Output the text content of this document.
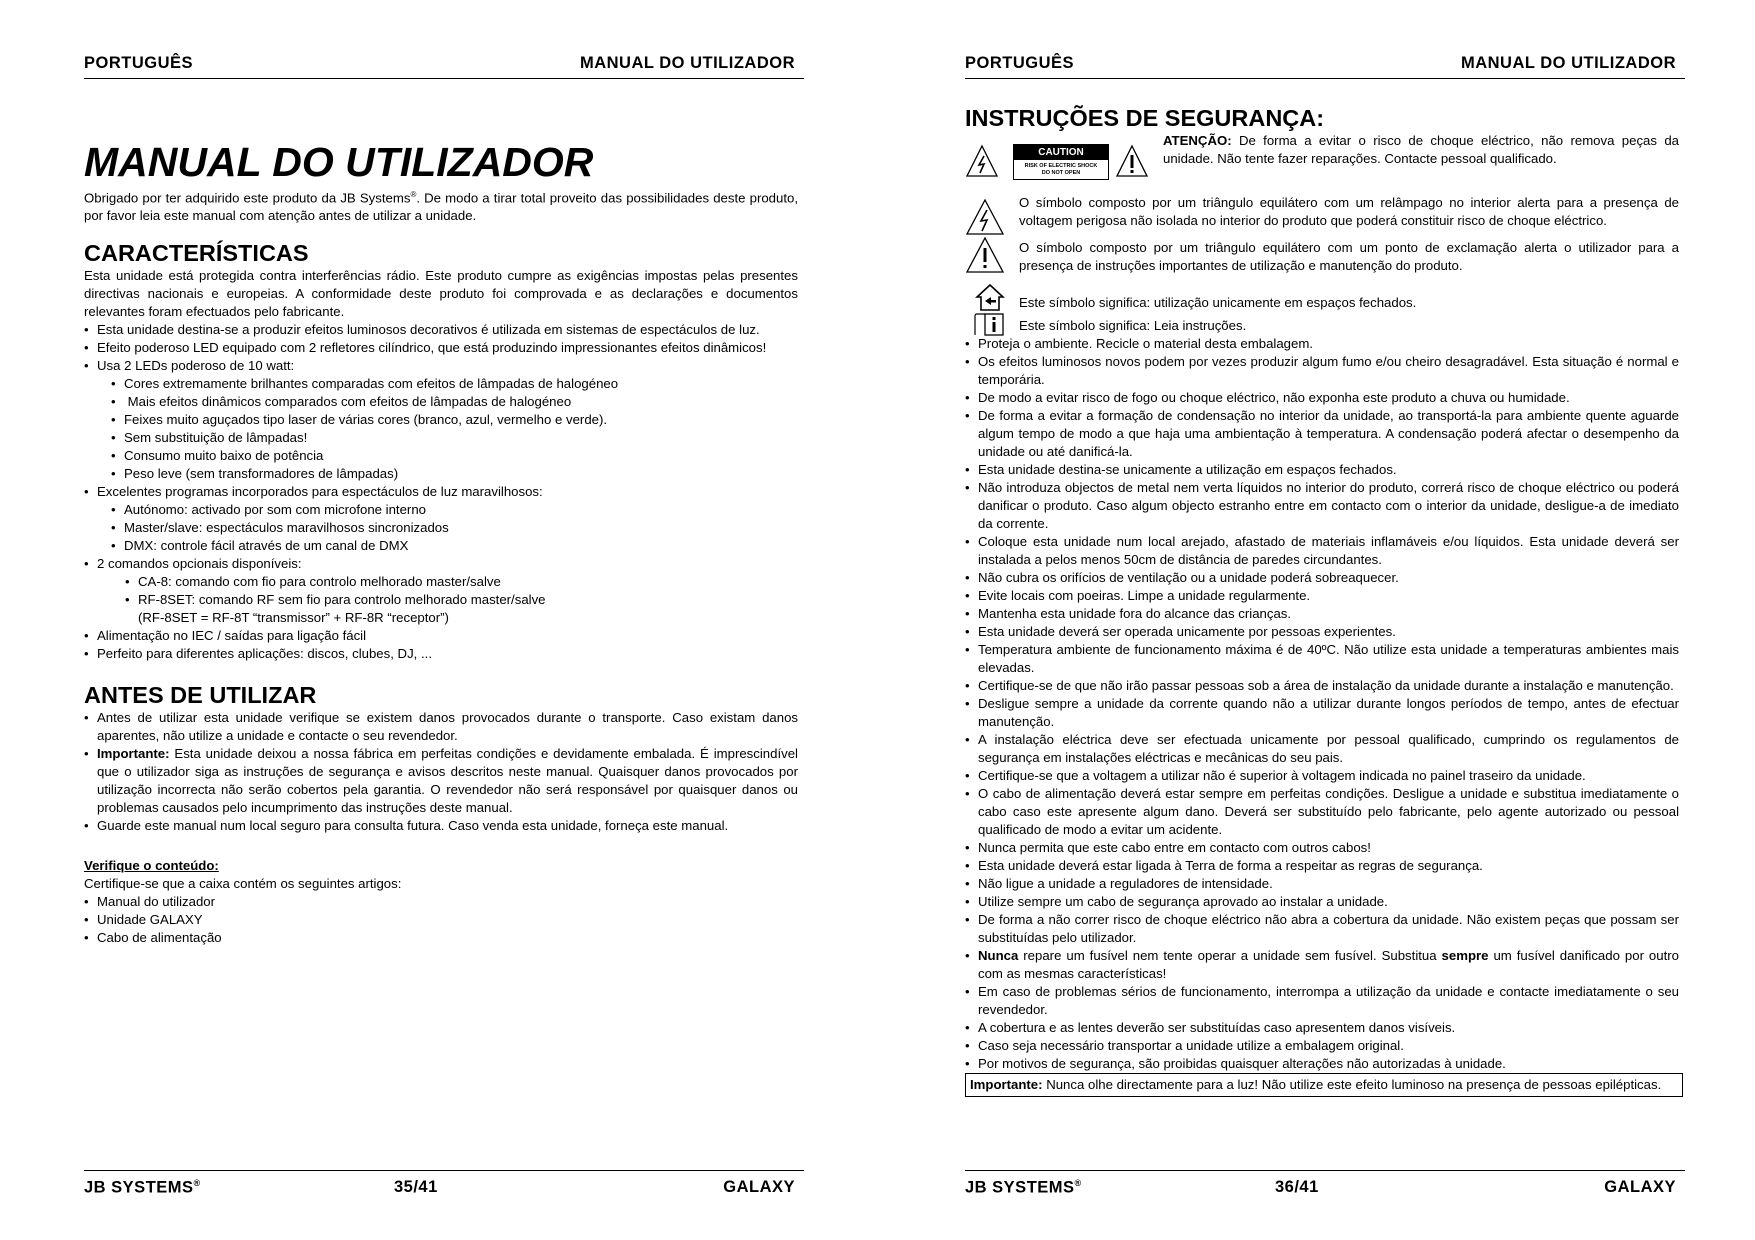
PORTUGUÊS	MANUAL DO UTILIZADOR
MANUAL DO UTILIZADOR

Obrigado por ter adquirido este produto da JB Systems®. De modo a tirar total proveito das possibilidades deste produto, por favor leia este manual com atenção antes de utilizar a unidade.

CARACTERÍSTICAS

Esta unidade está protegida contra interferências rádio. Este produto cumpre as exigências impostas pelas presentes directivas nacionais e europeias. A conformidade deste produto foi comprovada e as declarações e documentos relevantes foram efectuados pelo fabricante.

• Esta unidade destina-se a produzir efeitos luminosos decorativos é utilizada em sistemas de espectáculos de luz.
• Efeito poderoso LED equipado com 2 refletores cilíndrico, que está produzindo impressionantes efeitos dinâmicos!
• Usa 2 LEDs poderoso de 10 watt:
• Cores extremamente brilhantes comparadas com efeitos de lâmpadas de halogéneo
•  Mais efeitos dinâmicos comparados com efeitos de lâmpadas de halogéneo
• Feixes muito aguçados tipo laser de várias cores (branco, azul, vermelho e verde).
• Sem substituição de lâmpadas!
• Consumo muito baixo de potência
• Peso leve (sem transformadores de lâmpadas)
• Excelentes programas incorporados para espectáculos de luz maravilhosos:
• Autónomo: activado por som com microfone interno
• Master/slave: espectáculos maravilhosos sincronizados
• DMX: controle fácil através de um canal de DMX
• 2 comandos opcionais disponíveis:
• CA-8: comando com fio para controlo melhorado master/salve
• RF-8SET: comando RF sem fio para controlo melhorado master/salve
(RF-8SET = RF-8T “transmissor” + RF-8R “receptor”)
• Alimentação no IEC / saídas para ligação fácil
• Perfeito para diferentes aplicações: discos, clubes, DJ, ...
ANTES DE UTILIZAR
• Antes de utilizar esta unidade verifique se existem danos provocados durante o transporte. Caso existam danos aparentes, não utilize a unidade e contacte o seu revendedor.
• Importante: Esta unidade deixou a nossa fábrica em perfeitas condições e devidamente embalada. É imprescindível que o utilizador siga as instruções de segurança e avisos descritos neste manual. Quaisquer danos provocados por utilização incorrecta não serão cobertos pela garantia. O revendedor não será responsável por quaisquer danos ou problemas causados pelo incumprimento das instruções deste manual.
• Guarde este manual num local seguro para consulta futura. Caso venda esta unidade, forneça este manual.

Verifique o conteúdo:

Certifique-se que a caixa contém os seguintes artigos:

• Manual do utilizador
• Unidade GALAXY
• Cabo de alimentação
JB SYSTEMS®	35/41	GALAXY
PORTUGUÊS	MANUAL DO UTILIZADOR
INSTRUÇÕES DE SEGURANÇA:
CAUTION
RISK OF ELECTRIC SHOCK
DO NOT OPEN

ATENÇÃO: De forma a evitar o risco de choque eléctrico, não remova peças da unidade. Não tente fazer reparações. Contacte pessoal qualificado.

O símbolo composto por um triângulo equilátero com um relâmpago no interior alerta para a presença de voltagem perigosa não isolada no interior do produto que poderá constituir risco de choque eléctrico.

O símbolo composto por um triângulo equilátero com um ponto de exclamação alerta o utilizador para a presença de instruções importantes de utilização e manutenção do produto.

Este símbolo significa: utilização unicamente em espaços fechados.

Este símbolo significa: Leia instruções.

• Proteja o ambiente. Recicle o material desta embalagem.
• Os efeitos luminosos novos podem por vezes produzir algum fumo e/ou cheiro desagradável. Esta situação é normal e temporária.
• De modo a evitar risco de fogo ou choque eléctrico, não exponha este produto a chuva ou humidade.
• De forma a evitar a formação de condensação no interior da unidade, ao transportá-la para ambiente quente aguarde algum tempo de modo a que haja uma ambientação à temperatura. A condensação poderá afectar o desempenho da unidade ou até danificá-la.
• Esta unidade destina-se unicamente a utilização em espaços fechados.
• Não introduza objectos de metal nem verta líquidos no interior do produto, correrá risco de choque eléctrico ou poderá danificar o produto. Caso algum objecto estranho entre em contacto com o interior da unidade, desligue-a de imediato da corrente.
• Coloque esta unidade num local arejado, afastado de materiais inflamáveis e/ou líquidos. Esta unidade deverá ser instalada a pelos menos 50cm de distância de paredes circundantes.
• Não cubra os orifícios de ventilação ou a unidade poderá sobreaquecer.
• Evite locais com poeiras. Limpe a unidade regularmente.
• Mantenha esta unidade fora do alcance das crianças.
• Esta unidade deverá ser operada unicamente por pessoas experientes.
• Temperatura ambiente de funcionamento máxima é de 40ºC. Não utilize esta unidade a temperaturas ambientes mais elevadas.
• Certifique-se de que não irão passar pessoas sob a área de instalação da unidade durante a instalação e manutenção.
• Desligue sempre a unidade da corrente quando não a utilizar durante longos períodos de tempo, antes de efectuar manutenção.
• A instalação eléctrica deve ser efectuada unicamente por pessoal qualificado, cumprindo os regulamentos de segurança em instalações eléctricas e mecânicas do seu pais.
• Certifique-se que a voltagem a utilizar não é superior à voltagem indicada no painel traseiro da unidade.
• O cabo de alimentação deverá estar sempre em perfeitas condições. Desligue a unidade e substitua imediatamente o cabo caso este apresente algum dano. Deverá ser substituído pelo fabricante, pelo agente autorizado ou pessoal qualificado de modo a evitar um acidente.
• Nunca permita que este cabo entre em contacto com outros cabos!
• Esta unidade deverá estar ligada à Terra de forma a respeitar as regras de segurança.
• Não ligue a unidade a reguladores de intensidade.
• Utilize sempre um cabo de segurança aprovado ao instalar a unidade.
• De forma a não correr risco de choque eléctrico não abra a cobertura da unidade. Não existem peças que possam ser substituídas pelo utilizador.
• Nunca repare um fusível nem tente operar a unidade sem fusível. Substitua sempre um fusível danificado por outro com as mesmas características!
• Em caso de problemas sérios de funcionamento, interrompa a utilização da unidade e contacte imediatamente o seu revendedor.
• A cobertura e as lentes deverão ser substituídas caso apresentem danos visíveis.
• Caso seja necessário transportar a unidade utilize a embalagem original.
• Por motivos de segurança, são proibidas quaisquer alterações não autorizadas à unidade.

Importante: Nunca olhe directamente para a luz! Não utilize este efeito luminoso na presença de pessoas epilépticas.

JB SYSTEMS®	36/41	GALAXY
